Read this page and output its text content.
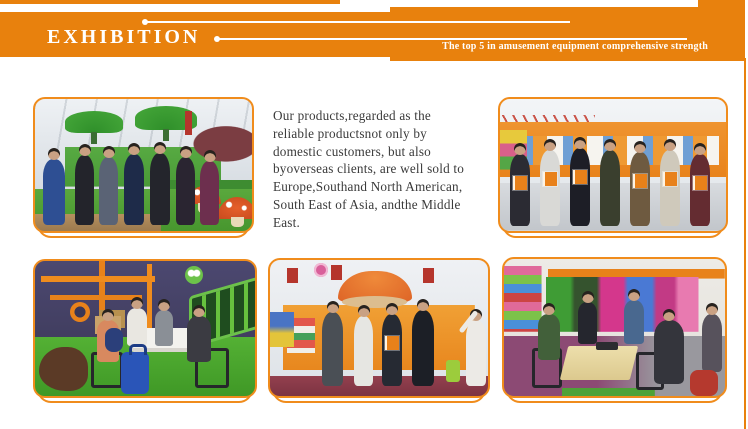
EXHIBITION	The top 5 in amusement equipment comprehensive strength
Our products,regarded as the
reliable productsnot only by
domestic customers, but also
byoverseas clients, are well sold to
Europe,Southand North American,
South East of Asia, andthe Middle
East.
